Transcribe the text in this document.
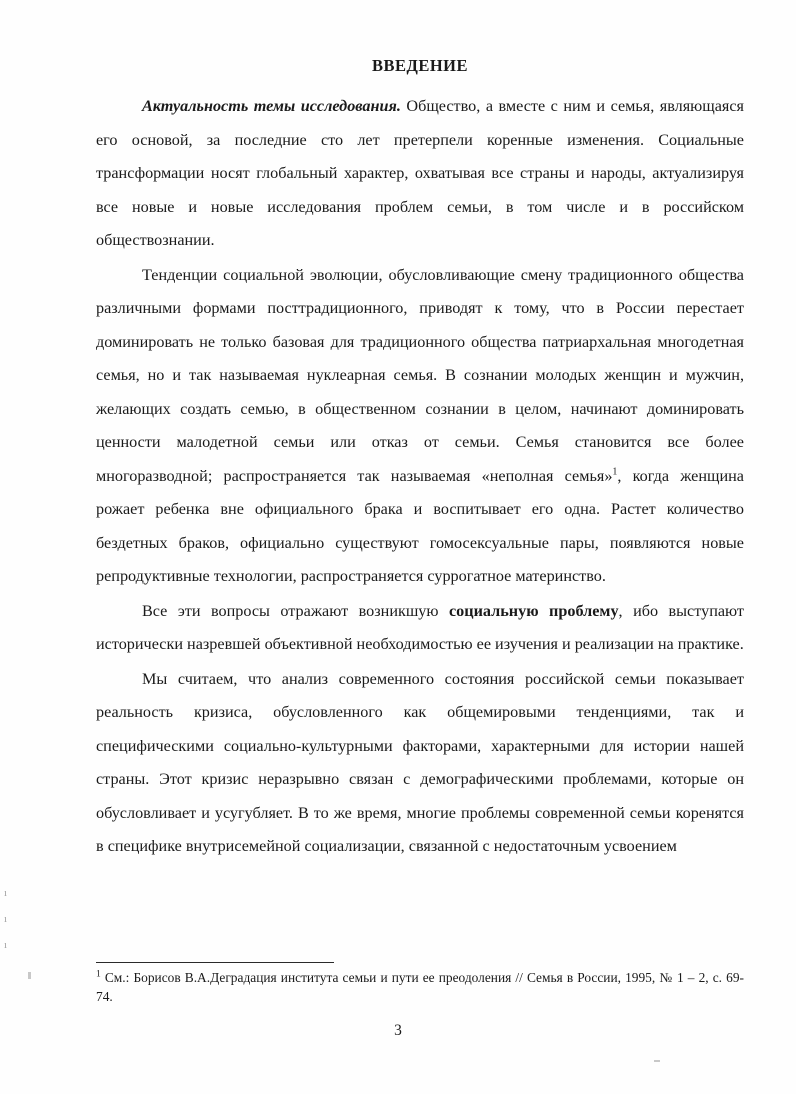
ВВЕДЕНИЕ

Актуальность темы исследования. Общество, а вместе с ним и семья, являющаяся его основой, за последние сто лет претерпели коренные изменения. Социальные трансформации носят глобальный характер, охватывая все страны и народы, актуализируя все новые и новые исследования проблем семьи, в том числе и в российском обществознании.

Тенденции социальной эволюции, обусловливающие смену традиционного общества различными формами посттрадиционного, приводят к тому, что в России перестает доминировать не только базовая для традиционного общества патриархальная многодетная семья, но и так называемая нуклеарная семья. В сознании молодых женщин и мужчин, желающих создать семью, в общественном сознании в целом, начинают доминировать ценности малодетной семьи или отказ от семьи. Семья становится все более многоразводной; распространяется так называемая «неполная семья»$^1$, когда женщина рожает ребенка вне официального брака и воспитывает его одна. Растет количество бездетных браков, официально существуют гомосексуальные пары, появляются новые репродуктивные технологии, распространяется суррогатное материнство.

Все эти вопросы отражают возникшую социальную проблему, ибо выступают исторически назревшей объективной необходимостью ее изучения и реализации на практике.

Мы считаем, что анализ современного состояния российской семьи показывает реальность кризиса, обусловленного как общемировыми тенденциями, так и специфическими социально-культурными факторами, характерными для истории нашей страны. Этот кризис неразрывно связан с демографическими проблемами, которые он обусловливает и усугубляет. В то же время, многие проблемы современной семьи коренятся в специфике внутрисемейной социализации, связанной с недостаточным усвоением

$^1$ См.: Борисов В.А.Деградация института семьи и пути ее преодоления // Семья в России, 1995, № 1 – 2, с. 69-74.

3
ı
ı
ı
